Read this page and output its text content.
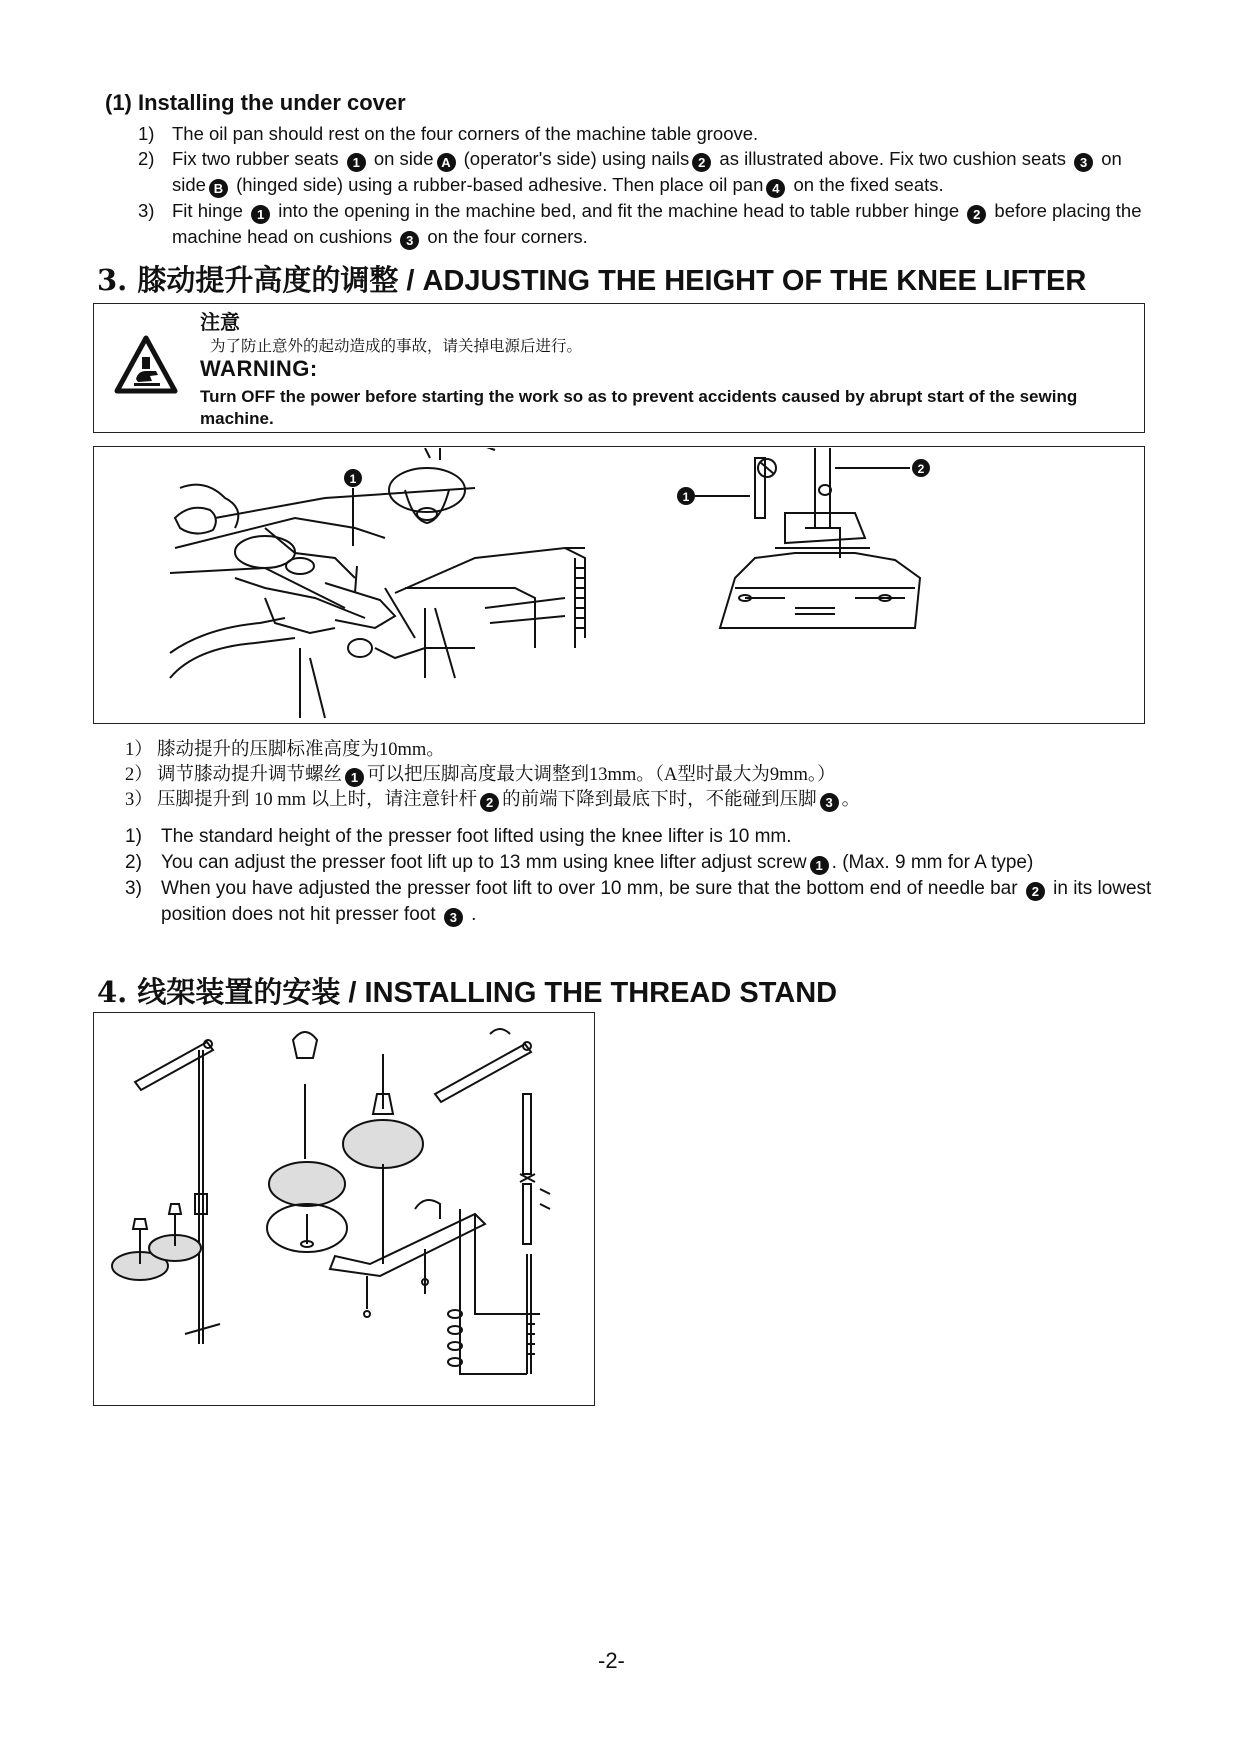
(1) Installing the under cover
1) The oil pan should rest on the four corners of the machine table groove.
2) Fix two rubber seats 1 on side A (operator's side) using nails 2 as illustrated above. Fix two cushion seats 3 on side B (hinged side) using a rubber-based adhesive. Then place oil pan 4 on the fixed seats.
3) Fit hinge 1 into the opening in the machine bed, and fit the machine head to table rubber hinge 2 before placing the machine head on cushions 3 on the four corners.
3. 膝动提升高度的调整 / ADJUSTING THE HEIGHT OF THE KNEE LIFTER
注意
为了防止意外的起动造成的事故，请关掉电源后进行。
WARNING:
Turn OFF the power before starting the work so as to prevent accidents caused by abrupt start of the sewing machine.
1
1
2
1） 膝动提升的压脚标准高度为10mm。
2） 调节膝动提升调节螺丝 1 可以把压脚高度最大调整到13mm。（A型时最大为9mm。）
3） 压脚提升到 10 mm 以上时，请注意针杆 2 的前端下降到最底下时，不能碰到压脚 3 。
1)	The standard height of the presser foot lifted using the knee lifter is 10 mm.
2)	You can adjust the presser foot lift up to 13 mm using knee lifter adjust screw 1 . (Max. 9 mm for A type)
3)	When you have adjusted the presser foot lift to over 10 mm, be sure that the bottom end of needle bar 2 in its lowest position does not hit presser foot 3 .
4. 线架装置的安装 / INSTALLING THE THREAD STAND
-2-
